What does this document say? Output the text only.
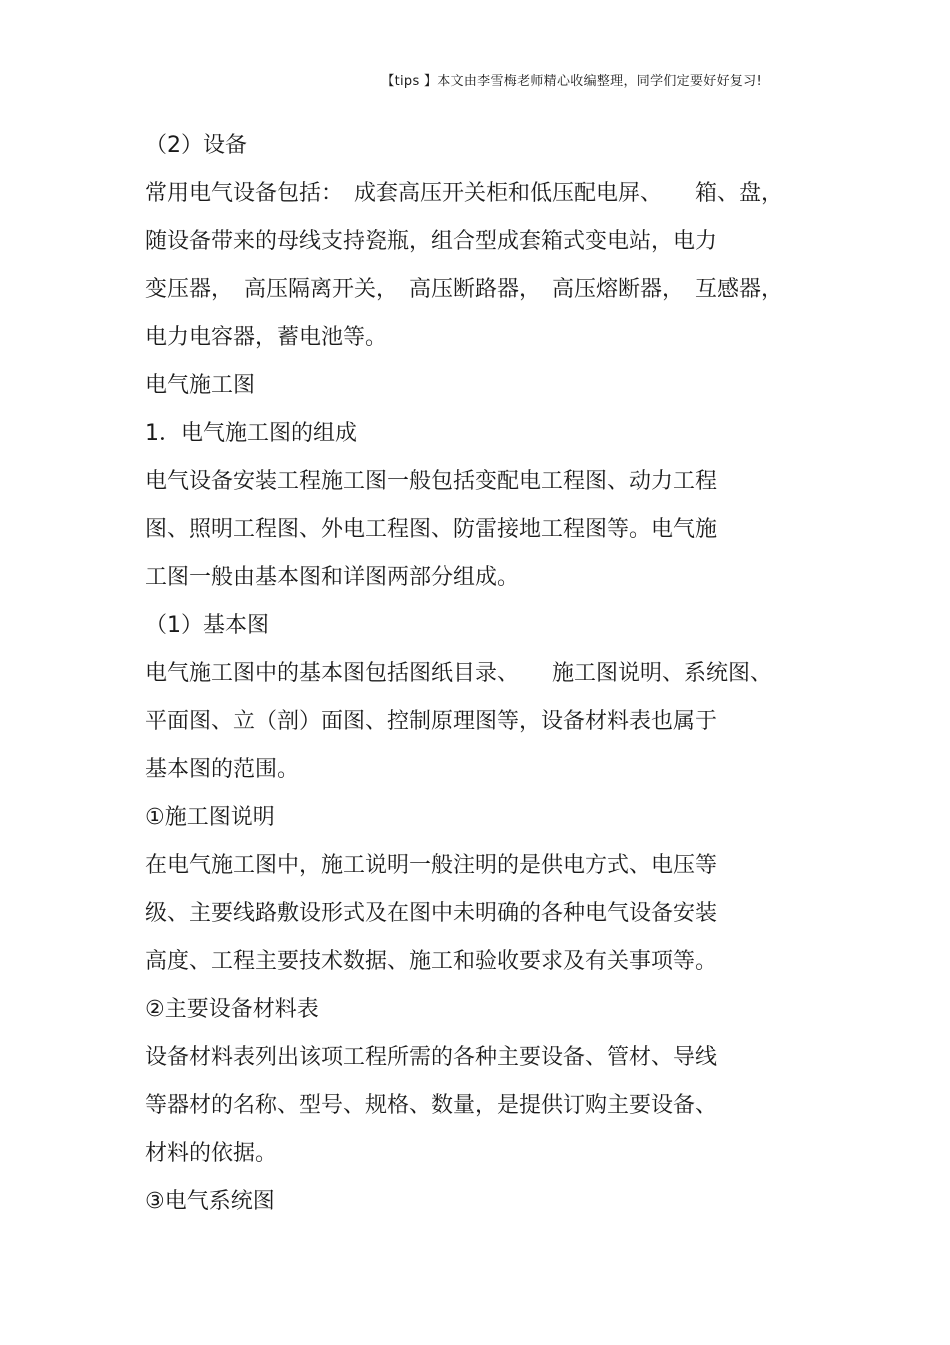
【tips 】本文由李雪梅老师精心收编整理，同学们定要好好复习!
（2）设备
常用电气设备包括：　成套高压开关柜和低压配电屏、　　箱、盘，
随设备带来的母线支持瓷瓶，组合型成套箱式变电站，电力
变压器，　高压隔离开关，　高压断路器，　高压熔断器，　互感器，
电力电容器，蓄电池等。
电气施工图
1．电气施工图的组成
电气设备安装工程施工图一般包括变配电工程图、动力工程
图、照明工程图、外电工程图、防雷接地工程图等。电气施
工图一般由基本图和详图两部分组成。
（1）基本图
电气施工图中的基本图包括图纸目录、　　施工图说明、系统图、
平面图、立（剖）面图、控制原理图等，设备材料表也属于
基本图的范围。
①施工图说明
在电气施工图中，施工说明一般注明的是供电方式、电压等
级、主要线路敷设形式及在图中未明确的各种电气设备安装
高度、工程主要技术数据、施工和验收要求及有关事项等。
②主要设备材料表
设备材料表列出该项工程所需的各种主要设备、管材、导线
等器材的名称、型号、规格、数量，是提供订购主要设备、
材料的依据。
③电气系统图
